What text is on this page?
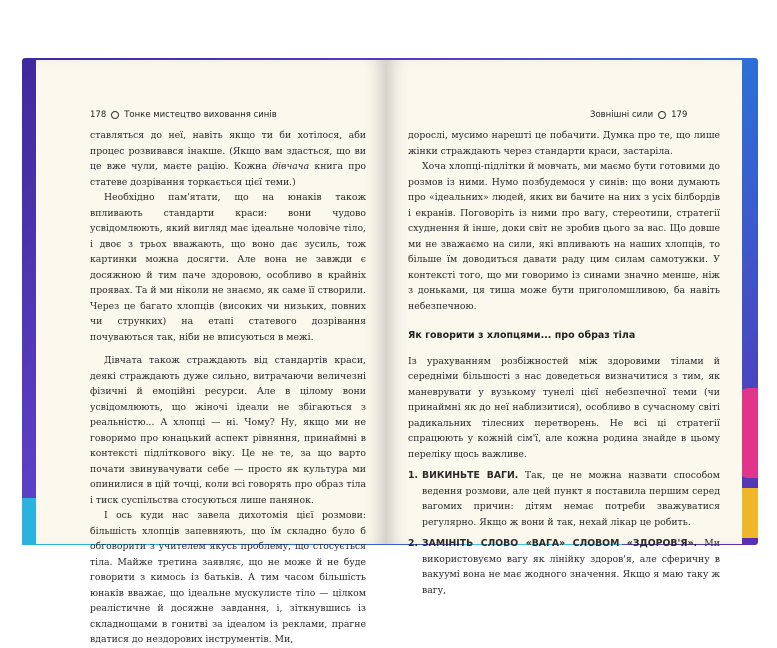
178 Тонке мистецтво виховання синів	Зовнішні сили 179

ставляться до неї, навіть якщо ти би хотілося, аби процес розвивався інакше. (Якщо вам здасться, що ви це вже чули, маєте рацію. Кожна дівчача книга про статеве дозрівання торкається цієї теми.)

Необхідно пам'ятати, що на юнаків також впливають стандарти краси: вони чудово усвідомлюють, який вигляд має ідеальне чоловіче тіло, і двоє з трьох вважають, що воно дає зусиль, тож картинки можна досягти. Але вона не завжди є досяжною й тим паче здоровою, особливо в крайніх проявах. Та й ми ніколи не знаємо, як саме її створили. Через це багато хлопців (високих чи низьких, повних чи струнких) на етапі статевого дозрівання почуваються так, ніби не вписуються в межі.

Дівчата також страждають від стандартів краси, деякі страждають дуже сильно, витрачаючи величезні фізичні й емоційні ресурси. Але в цілому вони усвідомлюють, що жіночі ідеали не збігаються з реальністю... А хлопці — ні. Чому? Ну, якщо ми не говоримо про юнацький аспект рівняння, принаймні в контексті підліткового віку. Це не те, за що варто почати звинувачувати себе — просто як культура ми опинилися в цій точці, коли всі говорять про образ тіла і тиск суспільства стосуються лише панянок.

І ось куди нас завела дихотомія цієї розмови: більшість хлопців запевняють, що їм складно було б обговорити з учителем якусь проблему, що стосується тіла. Майже третина заявляє, що не може й не буде говорити з кимось із батьків. А тим часом більшість юнаків вважає, що ідеальне мускулисте тіло — цілком реалістичне й досяжне завдання, і, зіткнувшись із складнощами в гонитві за ідеалом із реклами, прагне вдатися до нездорових інструментів. Ми,

дорослі, мусимо нарешті це побачити. Думка про те, що лише жінки страждають через стандарти краси, застаріла.

Хоча хлопці-підлітки й мовчать, ми маємо бути готовими до розмов із ними. Нумо позбудемося у синів: що вони думають про «ідеальних» людей, яких ви бачите на них з усіх білбордів і екранів. Поговоріть із ними про вагу, стереотипи, стратегії схуднення й інше, доки світ не зробив цього за вас. Що довше ми не зважаємо на сили, які впливають на наших хлопців, то більше їм доводиться давати раду цим силам самотужки. У контексті того, що ми говоримо із синами значно менше, ніж з доньками, ця тиша може бути приголомшливою, ба навіть небезпечною.

Як говорити з хлопцями... про образ тіла

Із урахуванням розбіжностей між здоровими тілами й середніми більшості з нас доведеться визначитися з тим, як маневрувати у вузькому тунелі цієї небезпечної теми (чи принаймні як до неї наблизитися), особливо в сучасному світі радикальних тілесних перетворень. Не всі ці стратегії спрацюють у кожній сім'ї, але кожна родина знайде в цьому переліку щось важливе.

1. ВИКИНЬТЕ ВАГИ. Так, це не можна назвати способом ведення розмови, але цей пункт я поставила першим серед вагомих причин: дітям немає потреби зважуватися регулярно. Якщо ж вони й так, нехай лікар це робить.
2. ЗАМІНІТЬ СЛОВО «ВАГА» СЛОВОМ «ЗДОРОВ'Я». Ми використовуємо вагу як лінійку здоров'я, але сферичну в вакуумі вона не має жодного значення. Якщо я маю таку ж вагу,
